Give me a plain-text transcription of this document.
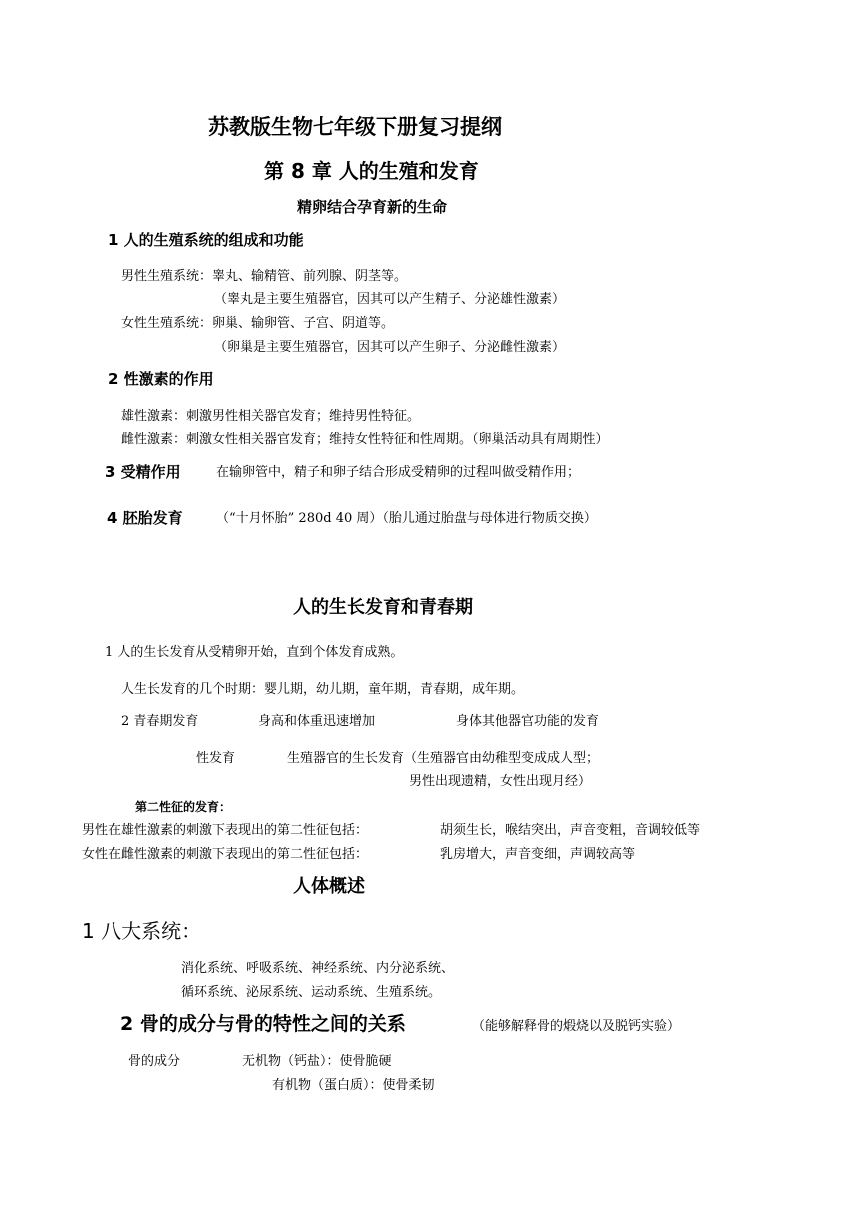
苏教版生物七年级下册复习提纲
第 8 章 人的生殖和发育
精卵结合孕育新的生命
1 人的生殖系统的组成和功能
男性生殖系统：睾丸、输精管、前列腺、阴茎等。
（睾丸是主要生殖器官，因其可以产生精子、分泌雄性激素）
女性生殖系统：卵巢、输卵管、子宫、阴道等。
（卵巢是主要生殖器官，因其可以产生卵子、分泌雌性激素）
2 性激素的作用
雄性激素：刺激男性相关器官发育；维持男性特征。
雌性激素：刺激女性相关器官发育；维持女性特征和性周期。（卵巢活动具有周期性）
3 受精作用	在输卵管中，精子和卵子结合形成受精卵的过程叫做受精作用；
4 胚胎发育	（“十月怀胎” 280d 40 周）（胎儿通过胎盘与母体进行物质交换）
人的生长发育和青春期
1 人的生长发育从受精卵开始，直到个体发育成熟。
人生长发育的几个时期：婴儿期，幼儿期，童年期，青春期，成年期。
2 青春期发育	身高和体重迅速增加	身体其他器官功能的发育
性发育	生殖器官的生长发育（生殖器官由幼稚型变成成人型；
男性出现遗精，女性出现月经）
第二性征的发育：
男性在雄性激素的刺激下表现出的第二性征包括：	胡须生长，喉结突出，声音变粗，音调较低等
女性在雌性激素的刺激下表现出的第二性征包括：	乳房增大，声音变细，声调较高等
人体概述
1 八大系统：
消化系统、呼吸系统、神经系统、内分泌系统、
循环系统、泌尿系统、运动系统、生殖系统。
2 骨的成分与骨的特性之间的关系	（能够解释骨的煅烧以及脱钙实验）
骨的成分	无机物（钙盐）：使骨脆硬
有机物（蛋白质）：使骨柔韧
